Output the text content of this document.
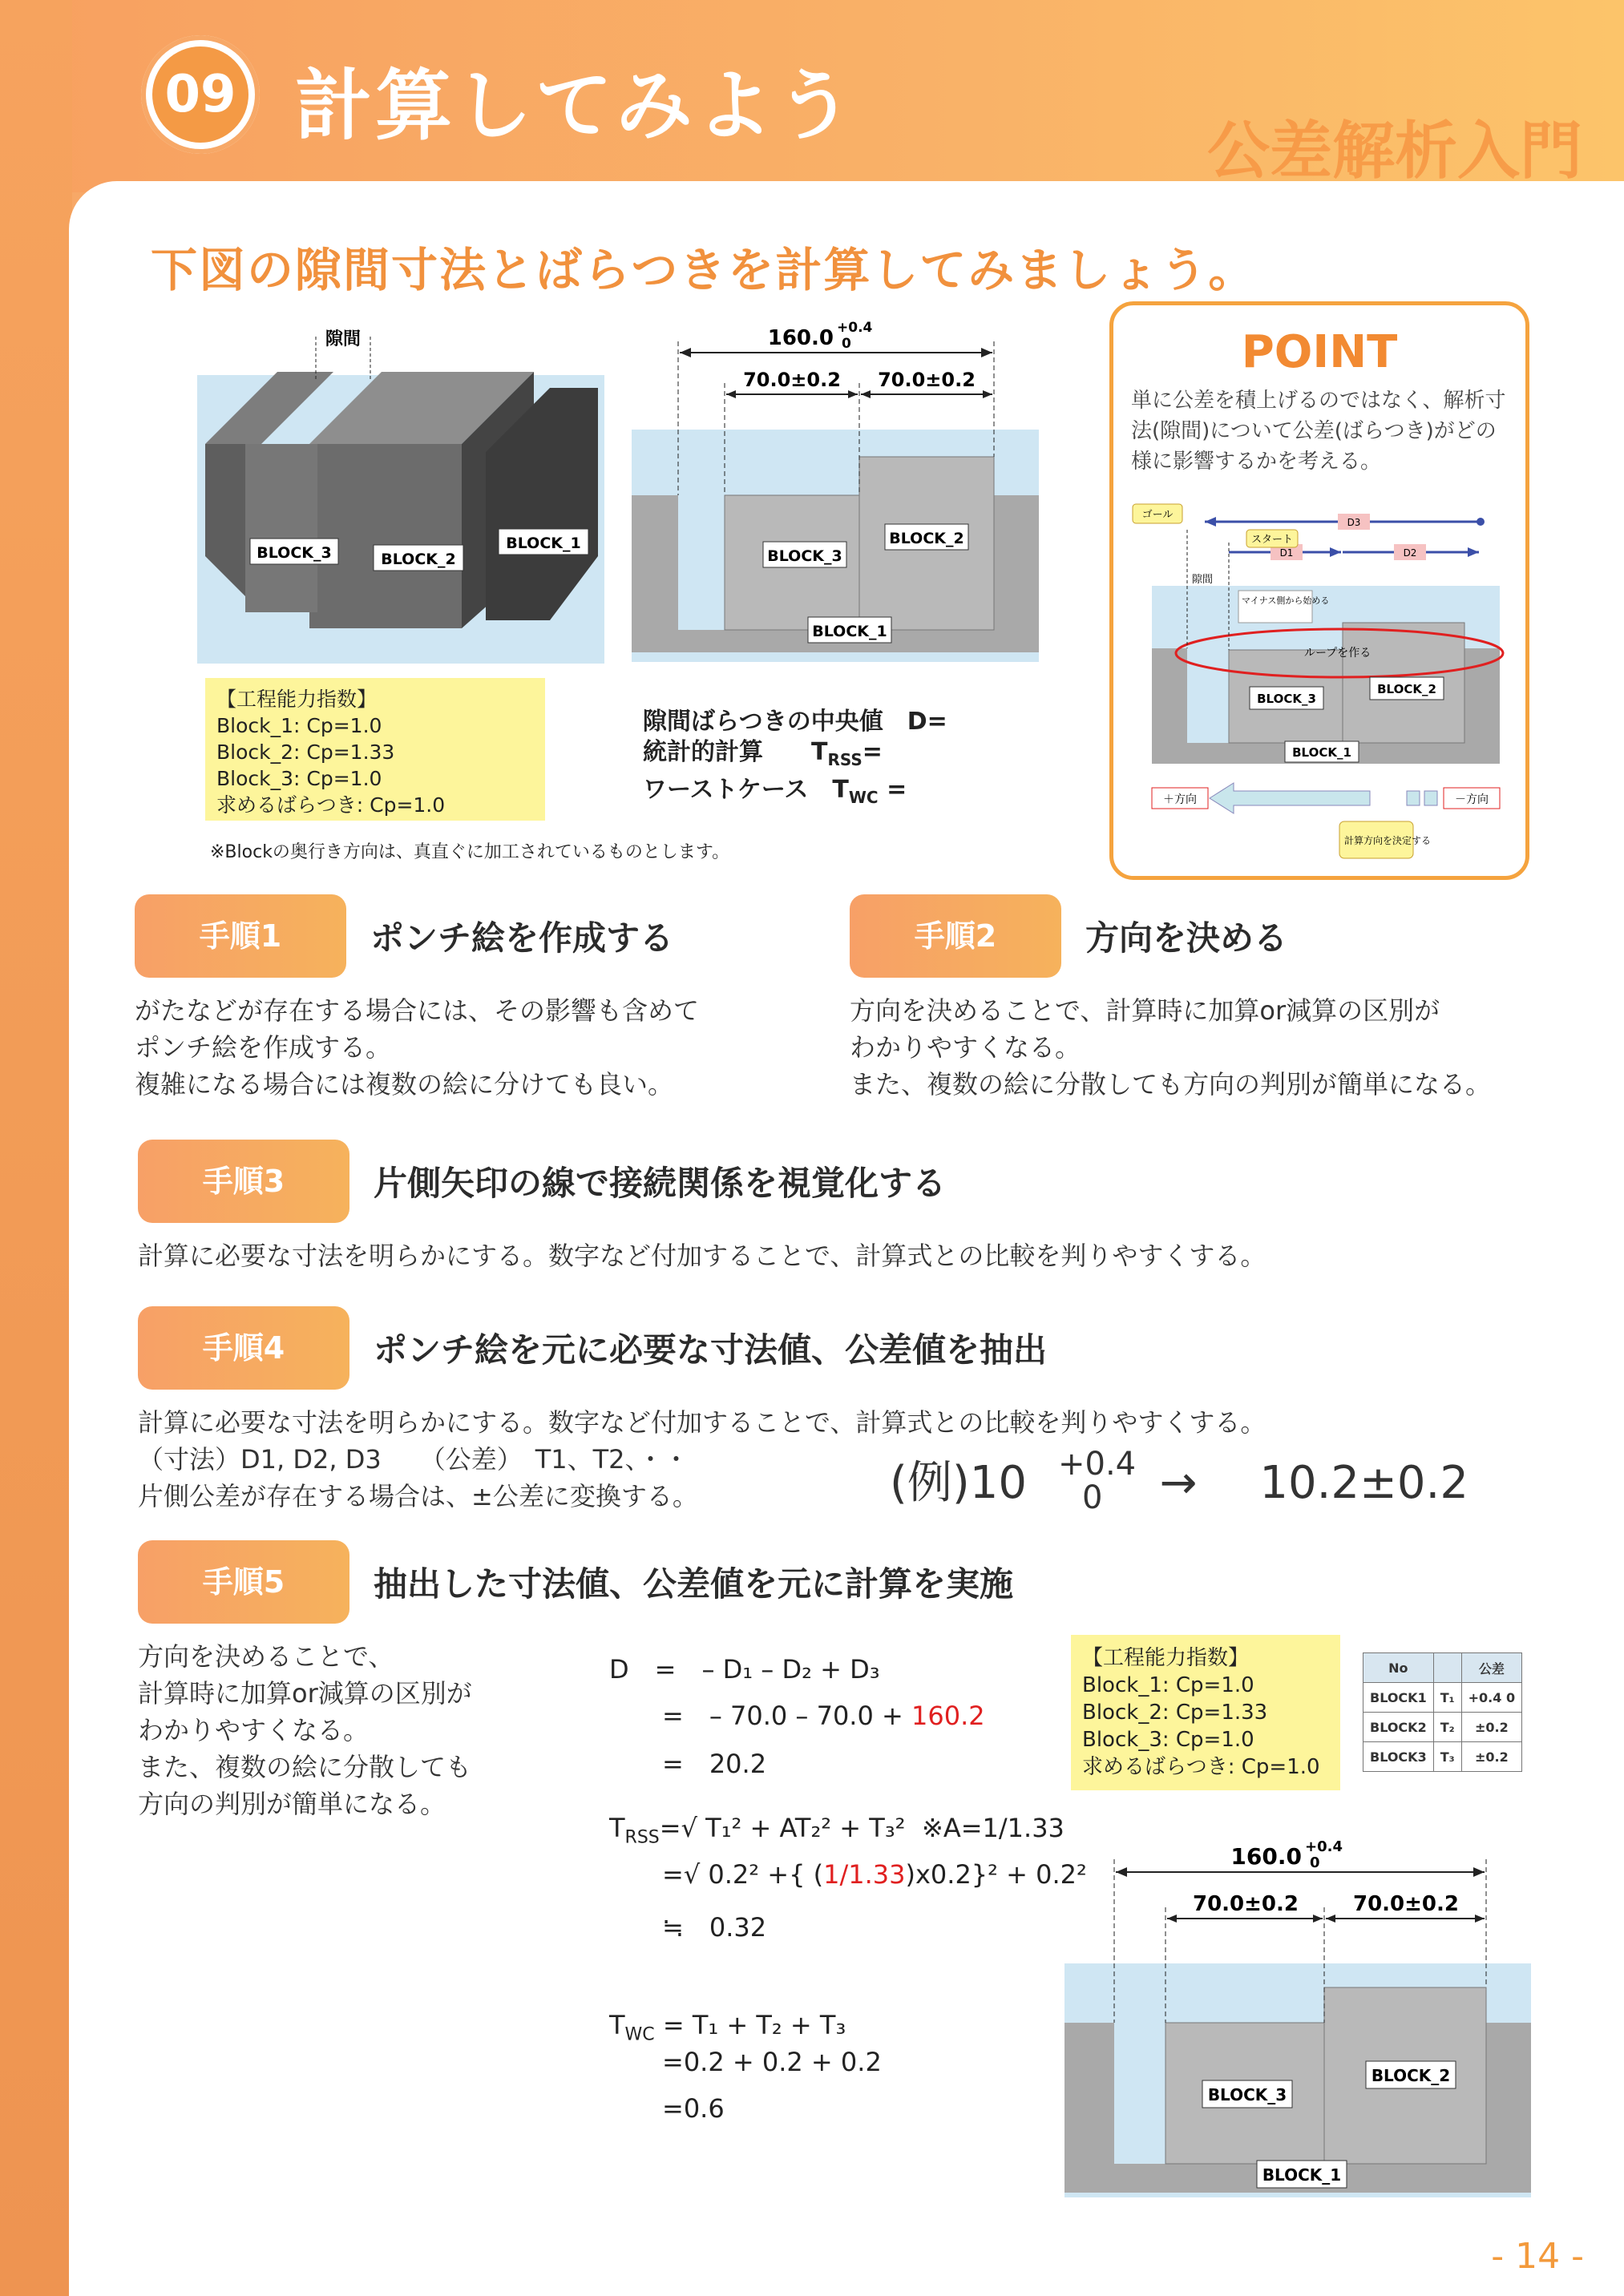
09 計算してみよう
公差解析入門
下図の隙間寸法とばらつきを計算してみましょう。
BLOCK_3	BLOCK_2
BLOCK_1
隙間	160.0 +0.4
0
70.0±0.2 70.0±0.2
BLOCK_3
BLOCK_2
BLOCK_1
【工程能力指数】
Block_1: Cp=1.0
Block_2: Cp=1.33
Block_3: Cp=1.0
求めるばらつき: Cp=1.0
※Blockの奥行き方向は、真直ぐに加工されているものとします。
隙間ばらつきの中央値　D=
統計的計算　　$T_{RSS}=$
ワーストケース　$T_{WC}$ =
POINT
単に公差を積上げるのではなく、解析寸法(隙間)について公差(ばらつき)がどの様に影響するかを考える。
D3
D1	D2
ゴール
スタート
隙間
マイナス側から始める
ループを作る
BLOCK_3
BLOCK_2
BLOCK_1
＋方向	－方向
計算方向を決定する
手順1	ポンチ絵を作成する
がたなどが存在する場合には、その影響も含めて
ポンチ絵を作成する。
複雑になる場合には複数の絵に分けても良い。
手順2	方向を決める
方向を決めることで、計算時に加算or減算の区別が
わかりやすくなる。
また、複数の絵に分散しても方向の判別が簡単になる。
手順3	片側矢印の線で接続関係を視覚化する
計算に必要な寸法を明らかにする。数字など付加することで、計算式との比較を判りやすくする。
手順4	ポンチ絵を元に必要な寸法値、公差値を抽出
計算に必要な寸法を明らかにする。数字など付加することで、計算式との比較を判りやすくする。
（寸法）D1, D2, D3　　（公差）　T1、T2、・・
片側公差が存在する場合は、±公差に変換する。	(例)10	→ 10.2±0.2
+0.4
0
手順5	抽出した寸法値、公差値を元に計算を実施
方向を決めることで、
計算時に加算or減算の区別が
わかりやすくなる。
また、複数の絵に分散しても
方向の判別が簡単になる。
D　=　– D₁ – D₂ + D₃
=　– 70.0 – 70.0 + 160.2
=　20.2
$T_{RSS}=√$ T₁² + AT₂² + T₃² ※A=1/1.33
=√ 0.2² +{ (1/1.33)x0.2}² + 0.2²
≒　0.32
$T_{WC} = T_1 + T_2 + T_3$
=0.2 + 0.2 + 0.2
=0.6
【工程能力指数】
Block_1: Cp=1.0
Block_2: Cp=1.33
Block_3: Cp=1.0
求めるばらつき: Cp=1.0
No		公差
BLOCK1	T₁	+0.4 0
BLOCK2	T₂	±0.2
BLOCK3	T₃	±0.2
160.0 +0.4
0
70.0±0.2	70.0±0.2
BLOCK_3
BLOCK_2
BLOCK_1
- 14 -
